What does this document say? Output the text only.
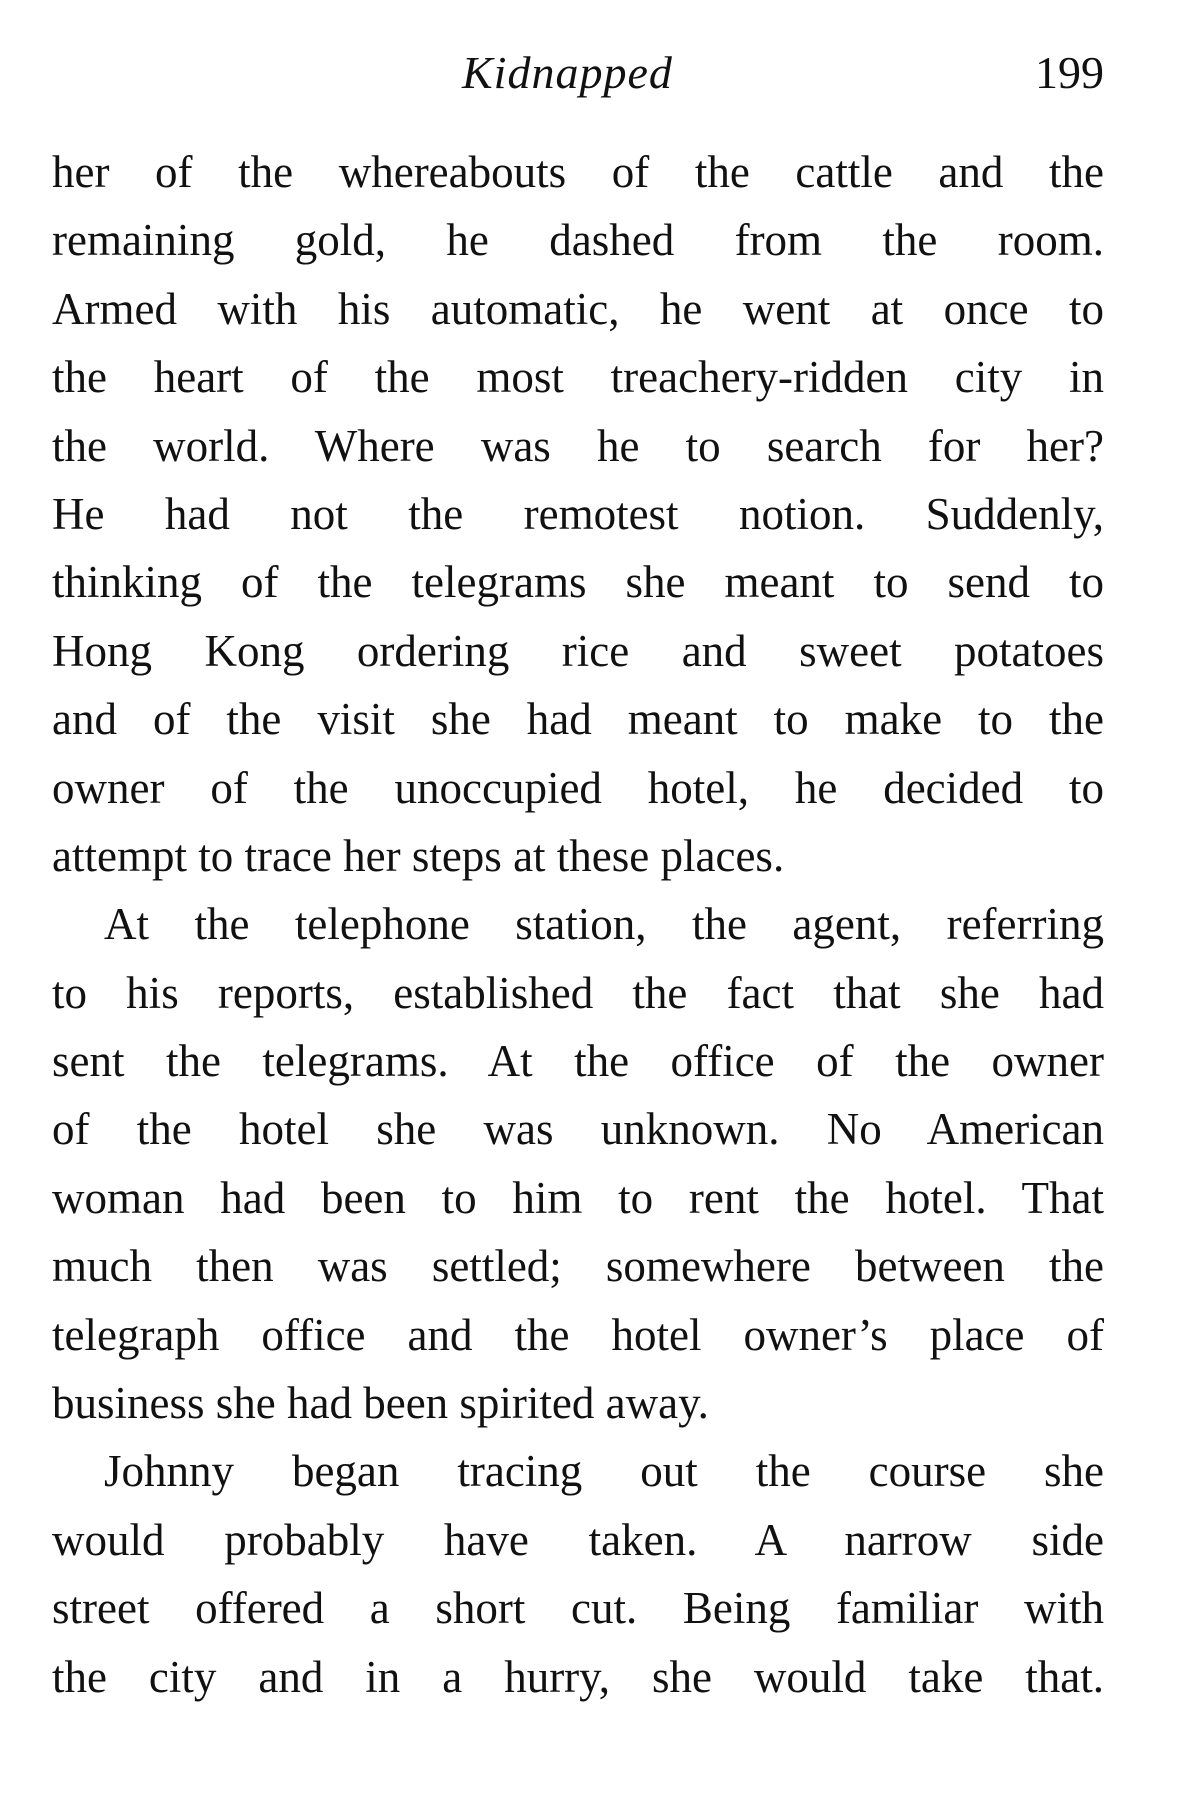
Kidnapped	199
her of the whereabouts of the cattle and the
remaining gold, he dashed from the room.
Armed with his automatic, he went at once to
the heart of the most treachery-ridden city in
the world. Where was he to search for her?
He had not the remotest notion. Suddenly,
thinking of the telegrams she meant to send to
Hong Kong ordering rice and sweet potatoes
and of the visit she had meant to make to the
owner of the unoccupied hotel, he decided to
attempt to trace her steps at these places.
At the telephone station, the agent, referring
to his reports, established the fact that she had
sent the telegrams. At the office of the owner
of the hotel she was unknown. No American
woman had been to him to rent the hotel. That
much then was settled; somewhere between the
telegraph office and the hotel owner’s place of
business she had been spirited away.
Johnny began tracing out the course she
would probably have taken. A narrow side
street offered a short cut. Being familiar with
the city and in a hurry, she would take that.
